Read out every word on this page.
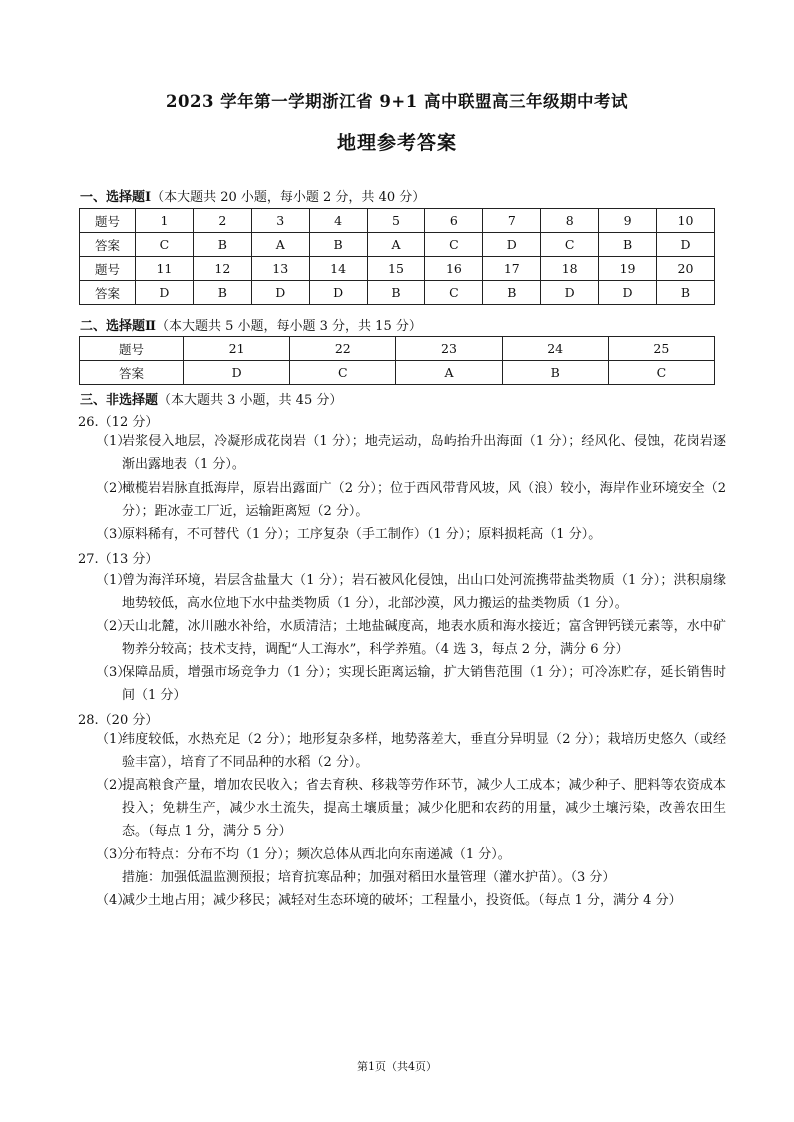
2023 学年第一学期浙江省 9+1 高中联盟高三年级期中考试
地理参考答案
一、选择题Ⅰ（本大题共 20 小题，每小题 2 分，共 40 分）
题号	1	2	3	4	5	6	7	8	9	10
答案	C	B	A	B	A	C	D	C	B	D
题号	11	12	13	14	15	16	17	18	19	20
答案	D	B	D	D	B	C	B	D	D	B
二、选择题Ⅱ（本大题共 5 小题，每小题 3 分，共 15 分）
题号	21	22	23	24	25
答案	D	C	A	B	C
三、非选择题（本大题共 3 小题，共 45 分）
26.（12 分）
（1）
岩浆侵入地层，冷凝形成花岗岩（1 分）；地壳运动，岛屿抬升出海面（1 分）；经风化、侵蚀，花岗岩逐渐出露地表（1 分）。
（2）
橄榄岩岩脉直抵海岸，原岩出露面广（2 分）；位于西风带背风坡，风（浪）较小，海岸作业环境安全（2 分）；距冰壶工厂近，运输距离短（2 分）。
（3）
原料稀有，不可替代（1 分）；工序复杂（手工制作）（1 分）；原料损耗高（1 分）。
27.（13 分）
（1）
曾为海洋环境，岩层含盐量大（1 分）；岩石被风化侵蚀，出山口处河流携带盐类物质（1 分）；洪积扇缘地势较低，高水位地下水中盐类物质（1 分），北部沙漠，风力搬运的盐类物质（1 分）。
（2）
天山北麓，冰川融水补给，水质清洁；土地盐碱度高，地表水质和海水接近；富含钾钙镁元素等，水中矿物养分较高；技术支持，调配“人工海水”，科学养殖。（4 选 3，每点 2 分，满分 6 分）
（3）
保障品质，增强市场竞争力（1 分）；实现长距离运输，扩大销售范围（1 分）；可冷冻贮存，延长销售时间（1 分）
28.（20 分）
（1）
纬度较低，水热充足（2 分）；地形复杂多样，地势落差大，垂直分异明显（2 分）；栽培历史悠久（或经验丰富），培育了不同品种的水稻（2 分）。
（2）
提高粮食产量，增加农民收入；省去育秧、移栽等劳作环节，减少人工成本；减少种子、肥料等农资成本投入；免耕生产，减少水土流失，提高土壤质量；减少化肥和农药的用量，减少土壤污染，改善农田生态。（每点 1 分，满分 5 分）
（3）
分布特点：分布不均（1 分）；频次总体从西北向东南递减（1 分）。
措施：加强低温监测预报；培育抗寒品种；加强对稻田水量管理（灌水护苗）。（3 分）
（4）
减少土地占用；减少移民；减轻对生态环境的破坏；工程量小，投资低。（每点 1 分，满分 4 分）
第1页（共4页）
